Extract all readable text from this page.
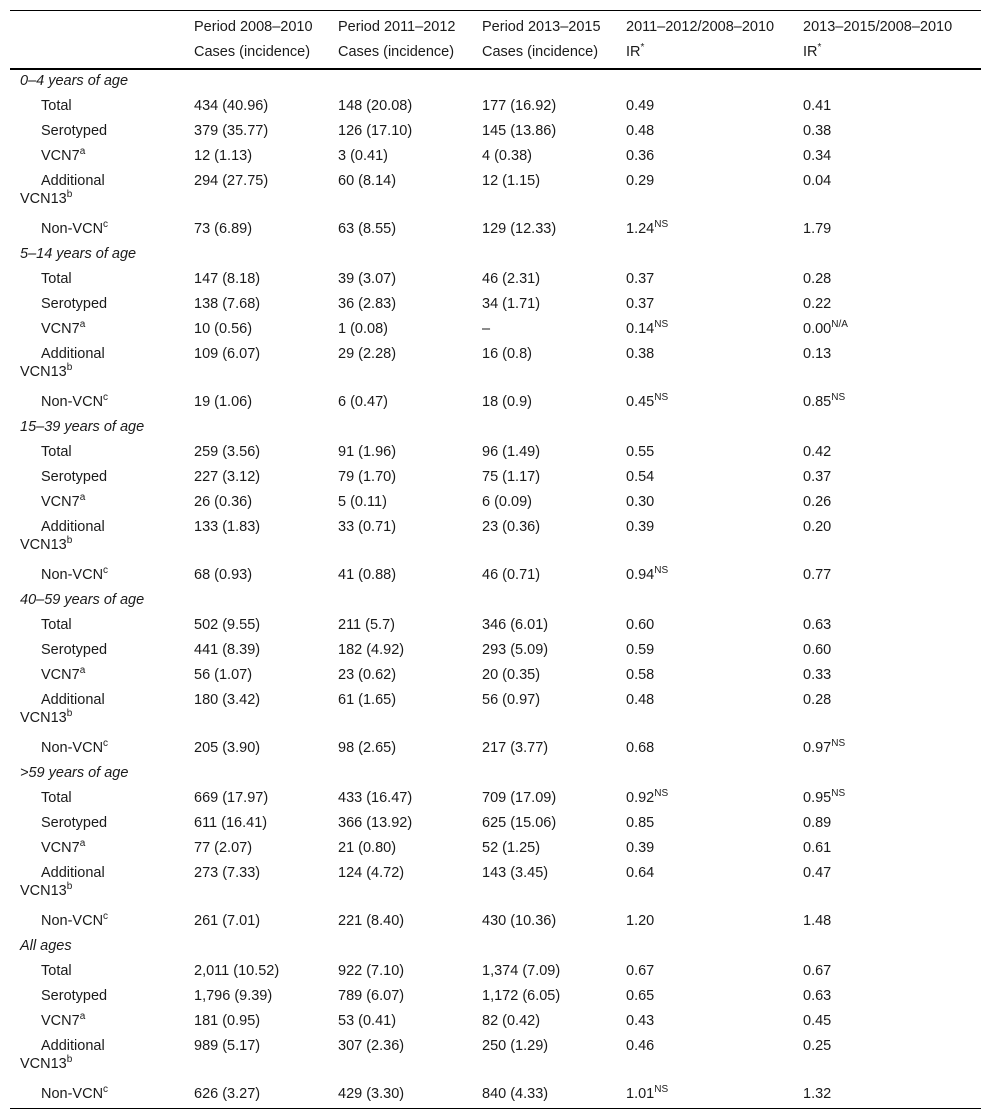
	Period 2008–2010	Period 2011–2012	Period 2013–2015	2011–2012/2008–2010	2013–2015/2008–2010
	Cases (incidence)	Cases (incidence)	Cases (incidence)	IR*	IR*
0–4 years of age					
Total	434 (40.96)	148 (20.08)	177 (16.92)	0.49	0.41
Serotyped	379 (35.77)	126 (17.10)	145 (13.86)	0.48	0.38
VCN7$^a$	12 (1.13)	3 (0.41)	4 (0.38)	0.36	0.34
Additional
VCN13$^b$	294 (27.75)	60 (8.14)	12 (1.15)	0.29	0.04
Non-VCN$^c$	73 (6.89)	63 (8.55)	129 (12.33)	$1.24^{NS}$	1.79
5–14 years of age					
Total	147 (8.18)	39 (3.07)	46 (2.31)	0.37	0.28
Serotyped	138 (7.68)	36 (2.83)	34 (1.71)	0.37	0.22
VCN7$^a$	10 (0.56)	1 (0.08)	–	$0.14^{NS}$	$0.00^{N/A}$
Additional
VCN13$^b$	109 (6.07)	29 (2.28)	16 (0.8)	0.38	0.13
Non-VCN$^c$	19 (1.06)	6 (0.47)	18 (0.9)	$0.45^{NS}$	$0.85^{NS}$
15–39 years of age					
Total	259 (3.56)	91 (1.96)	96 (1.49)	0.55	0.42
Serotyped	227 (3.12)	79 (1.70)	75 (1.17)	0.54	0.37
VCN7$^a$	26 (0.36)	5 (0.11)	6 (0.09)	0.30	0.26
Additional
VCN13$^b$	133 (1.83)	33 (0.71)	23 (0.36)	0.39	0.20
Non-VCN$^c$	68 (0.93)	41 (0.88)	46 (0.71)	$0.94^{NS}$	0.77
40–59 years of age					
Total	502 (9.55)	211 (5.7)	346 (6.01)	0.60	0.63
Serotyped	441 (8.39)	182 (4.92)	293 (5.09)	0.59	0.60
VCN7$^a$	56 (1.07)	23 (0.62)	20 (0.35)	0.58	0.33
Additional
VCN13$^b$	180 (3.42)	61 (1.65)	56 (0.97)	0.48	0.28
Non-VCN$^c$	205 (3.90)	98 (2.65)	217 (3.77)	0.68	$0.97^{NS}$
>59 years of age					
Total	669 (17.97)	433 (16.47)	709 (17.09)	$0.92^{NS}$	$0.95^{NS}$
Serotyped	611 (16.41)	366 (13.92)	625 (15.06)	0.85	0.89
VCN7$^a$	77 (2.07)	21 (0.80)	52 (1.25)	0.39	0.61
Additional
VCN13$^b$	273 (7.33)	124 (4.72)	143 (3.45)	0.64	0.47
Non-VCN$^c$	261 (7.01)	221 (8.40)	430 (10.36)	1.20	1.48
All ages					
Total	2,011 (10.52)	922 (7.10)	1,374 (7.09)	0.67	0.67
Serotyped	1,796 (9.39)	789 (6.07)	1,172 (6.05)	0.65	0.63
VCN7$^a$	181 (0.95)	53 (0.41)	82 (0.42)	0.43	0.45
Additional
VCN13$^b$	989 (5.17)	307 (2.36)	250 (1.29)	0.46	0.25
Non-VCN$^c$	626 (3.27)	429 (3.30)	840 (4.33)	$1.01^{NS}$	1.32
